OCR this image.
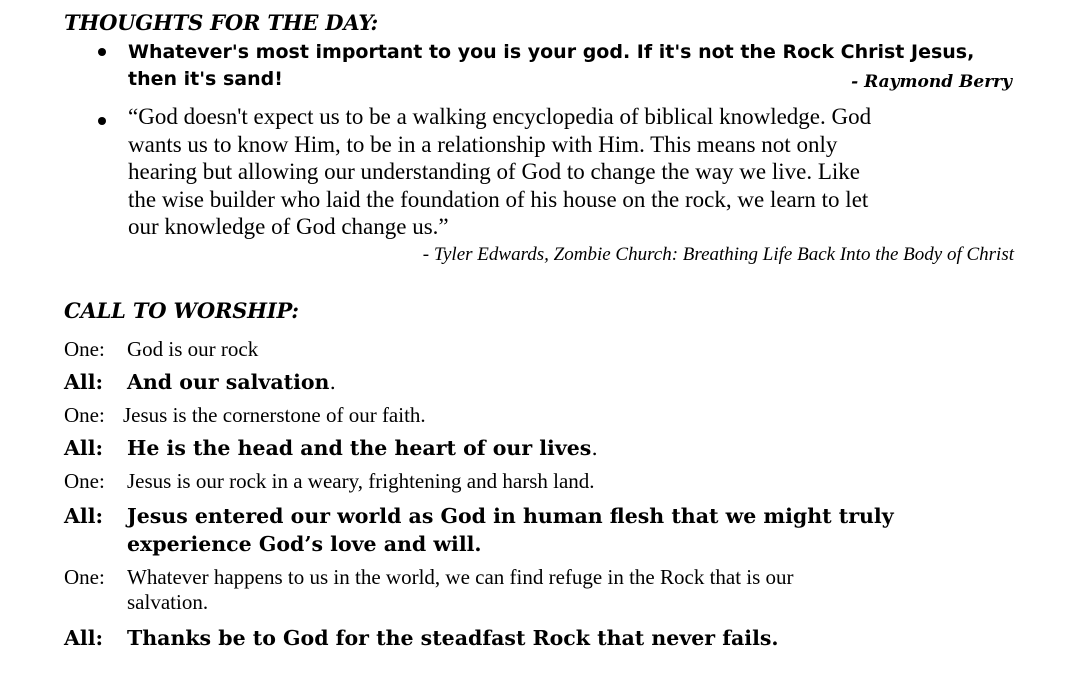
THOUGHTS FOR THE DAY:
Whatever's most important to you is your god. If it's not the Rock Christ Jesus,
then it's sand!	- Raymond Berry
“God doesn't expect us to be a walking encyclopedia of biblical knowledge. God
wants us to know Him, to be in a relationship with Him. This means not only
hearing but allowing our understanding of God to change the way we live. Like
the wise builder who laid the foundation of his house on the rock, we learn to let
our knowledge of God change us.”
- Tyler Edwards, Zombie Church: Breathing Life Back Into the Body of Christ
CALL TO WORSHIP:
One: God is our rock
All: And our salvation.
One: Jesus is the cornerstone of our faith.
All: He is the head and the heart of our lives.
One: Jesus is our rock in a weary, frightening and harsh land.
All: Jesus entered our world as God in human flesh that we might truly
experience God’s love and will.
One: Whatever happens to us in the world, we can find refuge in the Rock that is our
salvation.
All: Thanks be to God for the steadfast Rock that never fails.
